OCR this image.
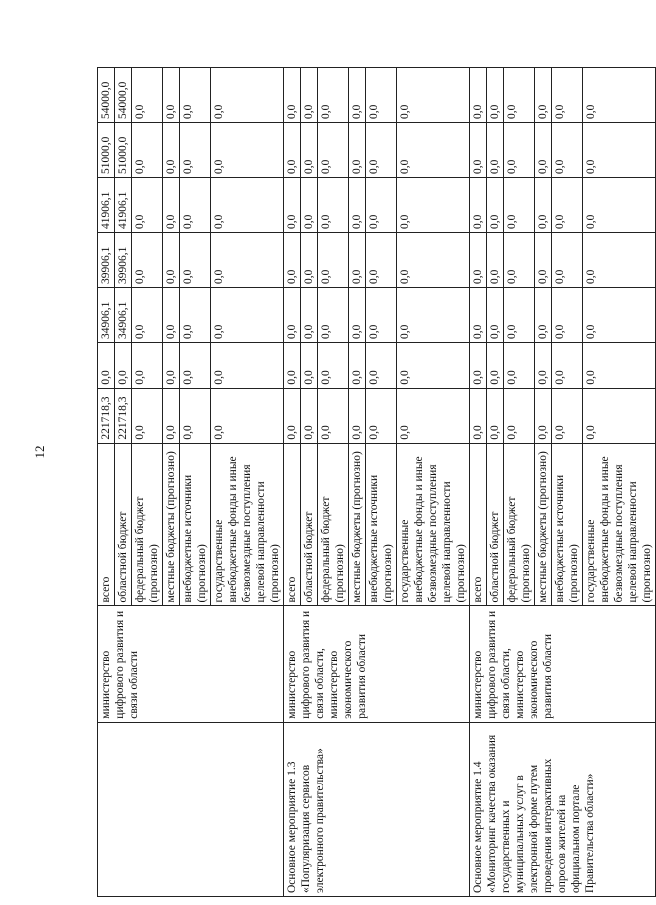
12
	министерство цифрового развития и связи области	всего	221718,3	0,0	34906,1	39906,1	41906,1	51000,0	54000,0
		областной бюджет	221718,3	0,0	34906,1	39906,1	41906,1	51000,0	54000,0
		федеральный бюджет (прогнозно)	0,0	0,0	0,0	0,0	0,0	0,0	0,0
		местные бюджеты (прогнозно)	0,0	0,0	0,0	0,0	0,0	0,0	0,0
		внебюджетные источники (прогнозно)	0,0	0,0	0,0	0,0	0,0	0,0	0,0
		государственные внебюджетные фонды и иные безвозмездные поступления целевой направленности (прогнозно)	0,0	0,0	0,0	0,0	0,0	0,0	0,0
Основное мероприятие 1.3 «Популяризация сервисов электронного правительства»	министерство цифрового развития и связи области, министерство экономического развития области	всего	0,0	0,0	0,0	0,0	0,0	0,0	0,0
		областной бюджет	0,0	0,0	0,0	0,0	0,0	0,0	0,0
		федеральный бюджет (прогнозно)	0,0	0,0	0,0	0,0	0,0	0,0	0,0
		местные бюджеты (прогнозно)	0,0	0,0	0,0	0,0	0,0	0,0	0,0
		внебюджетные источники (прогнозно)	0,0	0,0	0,0	0,0	0,0	0,0	0,0
		государственные внебюджетные фонды и иные безвозмездные поступления целевой направленности (прогнозно)	0,0	0,0	0,0	0,0	0,0	0,0	0,0
Основное мероприятие 1.4 «Мониторинг качества оказания государственных и муниципальных услуг в электронной форме путем проведения интерактивных опросов жителей на официальном портале Правительства области»	министерство цифрового развития и связи области, министерство экономического развития области	всего	0,0	0,0	0,0	0,0	0,0	0,0	0,0
		областной бюджет	0,0	0,0	0,0	0,0	0,0	0,0	0,0
		федеральный бюджет (прогнозно)	0,0	0,0	0,0	0,0	0,0	0,0	0,0
		местные бюджеты (прогнозно)	0,0	0,0	0,0	0,0	0,0	0,0	0,0
		внебюджетные источники (прогнозно)	0,0	0,0	0,0	0,0	0,0	0,0	0,0
		государственные внебюджетные фонды и иные безвозмездные поступления целевой направленности (прогнозно)	0,0	0,0	0,0	0,0	0,0	0,0	0,0
